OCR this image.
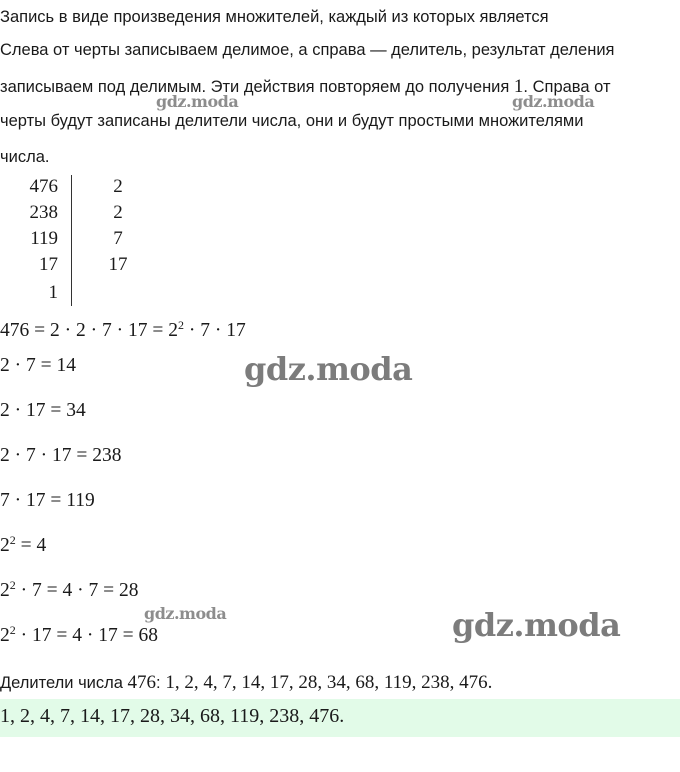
Запись в виде произведения множителей, каждый из которых является
Слева от черты записываем делимое, а справа — делитель, результат деления
записываем под делимым. Эти действия повторяем до получения 1. Справа от
черты будут записаны делители числа, они и будут простыми множителями
числа.
476	2
238	2
119	7
17	17
1
$476 = 2 \cdot 2 \cdot 7 \cdot 17 = 2^2 \cdot 7 \cdot 17$
2 · 7 = 14
2 · 17 = 34
2 · 7 · 17 = 238
7 · 17 = 119
$2^2 = 4$
$2^2 \cdot 7 = 4 \cdot 7 = 28$
$2^2 \cdot 17 = 4 \cdot 17 = 68$
Делители числа 476: 1, 2, 4, 7, 14, 17, 28, 34, 68, 119, 238, 476.
1, 2, 4, 7, 14, 17, 28, 34, 68, 119, 238, 476.
gdz.moda	gdz.moda
gdz.moda
gdz.moda	gdz.moda
